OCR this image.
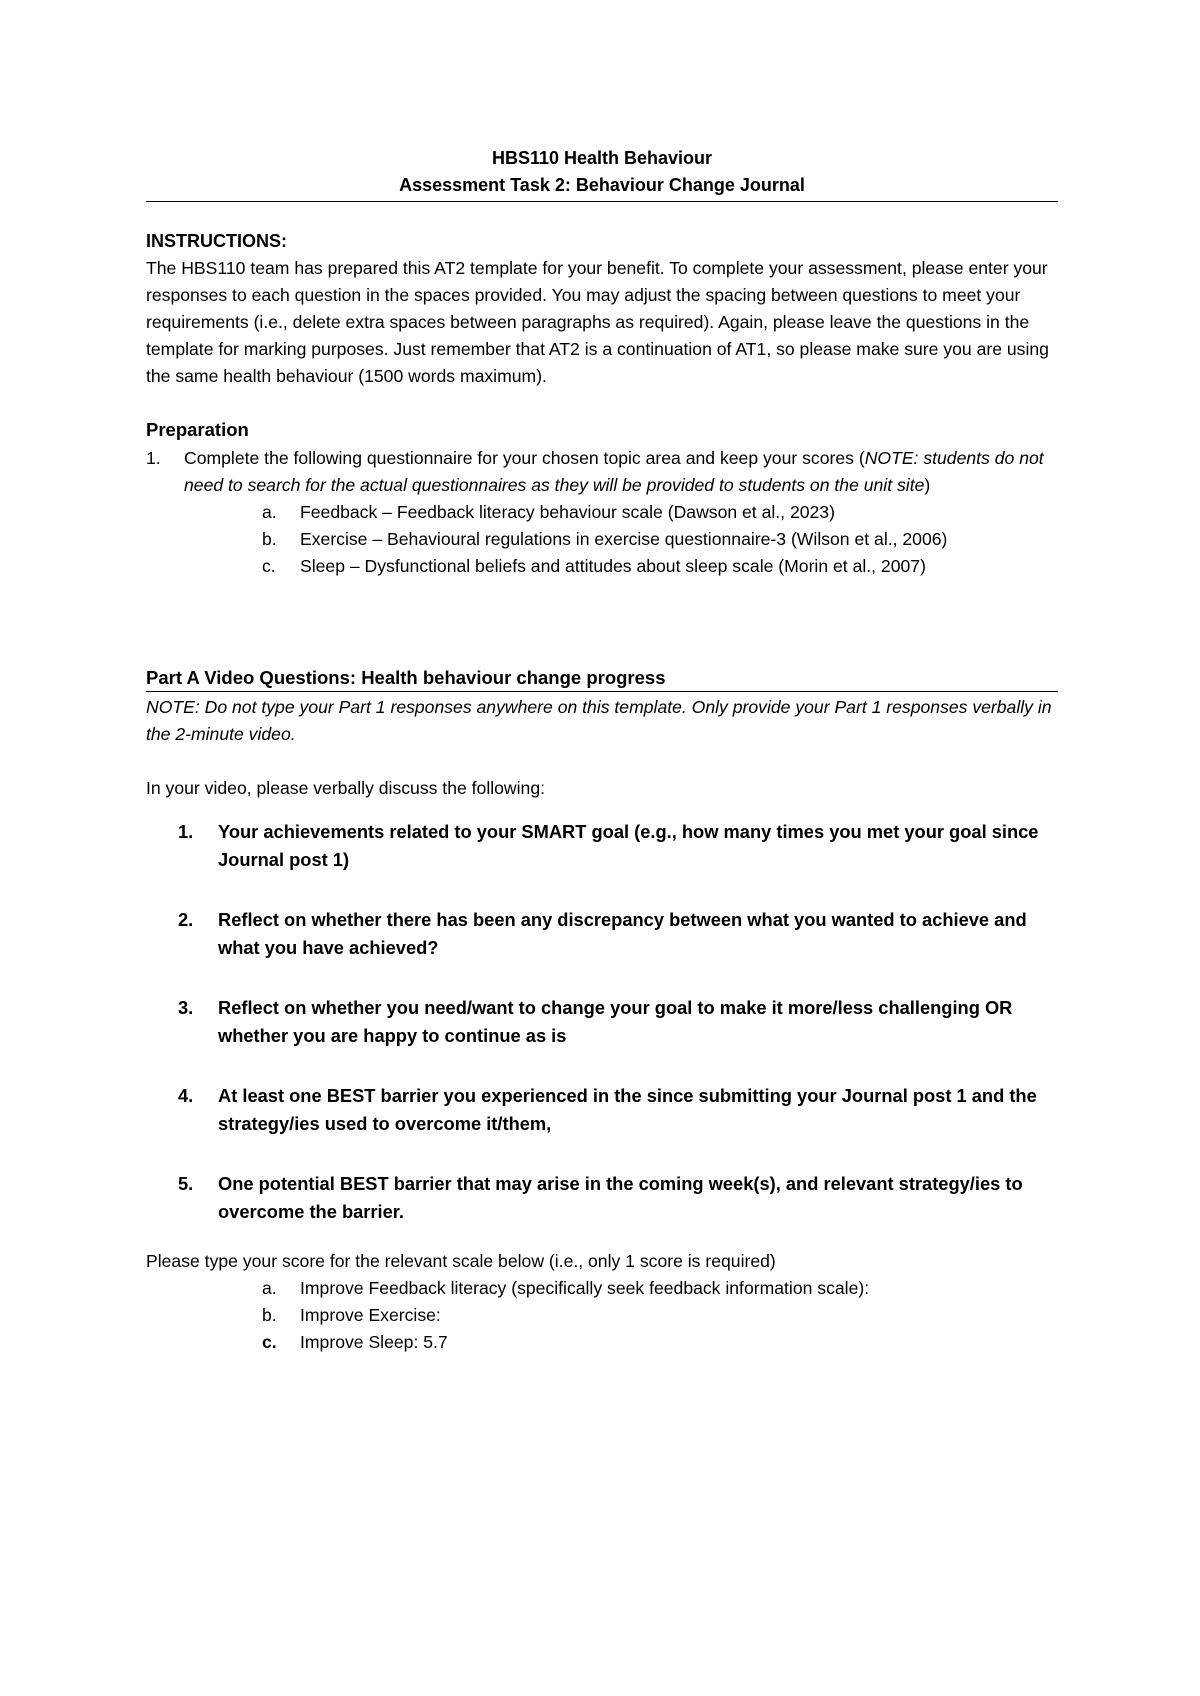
HBS110 Health Behaviour
Assessment Task 2: Behaviour Change Journal
INSTRUCTIONS:

The HBS110 team has prepared this AT2 template for your benefit. To complete your assessment, please enter your responses to each question in the spaces provided. You may adjust the spacing between questions to meet your requirements (i.e., delete extra spaces between paragraphs as required). Again, please leave the questions in the template for marking purposes. Just remember that AT2 is a continuation of AT1, so please make sure you are using the same health behaviour (1500 words maximum).

Preparation
1.	Complete the following questionnaire for your chosen topic area and keep your scores (NOTE: students do not need to search for the actual questionnaires as they will be provided to students on the unit site)
a.	Feedback – Feedback literacy behaviour scale (Dawson et al., 2023)
b.	Exercise – Behavioural regulations in exercise questionnaire-3 (Wilson et al., 2006)
c.	Sleep – Dysfunctional beliefs and attitudes about sleep scale (Morin et al., 2007)
Part A Video Questions: Health behaviour change progress

NOTE: Do not type your Part 1 responses anywhere on this template. Only provide your Part 1 responses verbally in the 2-minute video.

In your video, please verbally discuss the following:

1.	Your achievements related to your SMART goal (e.g., how many times you met your goal since Journal post 1)
2.	Reflect on whether there has been any discrepancy between what you wanted to achieve and what you have achieved?
3.	Reflect on whether you need/want to change your goal to make it more/less challenging OR whether you are happy to continue as is
4.	At least one BEST barrier you experienced in the since submitting your Journal post 1 and the strategy/ies used to overcome it/them,
5.	One potential BEST barrier that may arise in the coming week(s), and relevant strategy/ies to overcome the barrier.

Please type your score for the relevant scale below (i.e., only 1 score is required)

a.	Improve Feedback literacy (specifically seek feedback information scale):
b.	Improve Exercise:
c.	Improve Sleep: 5.7
